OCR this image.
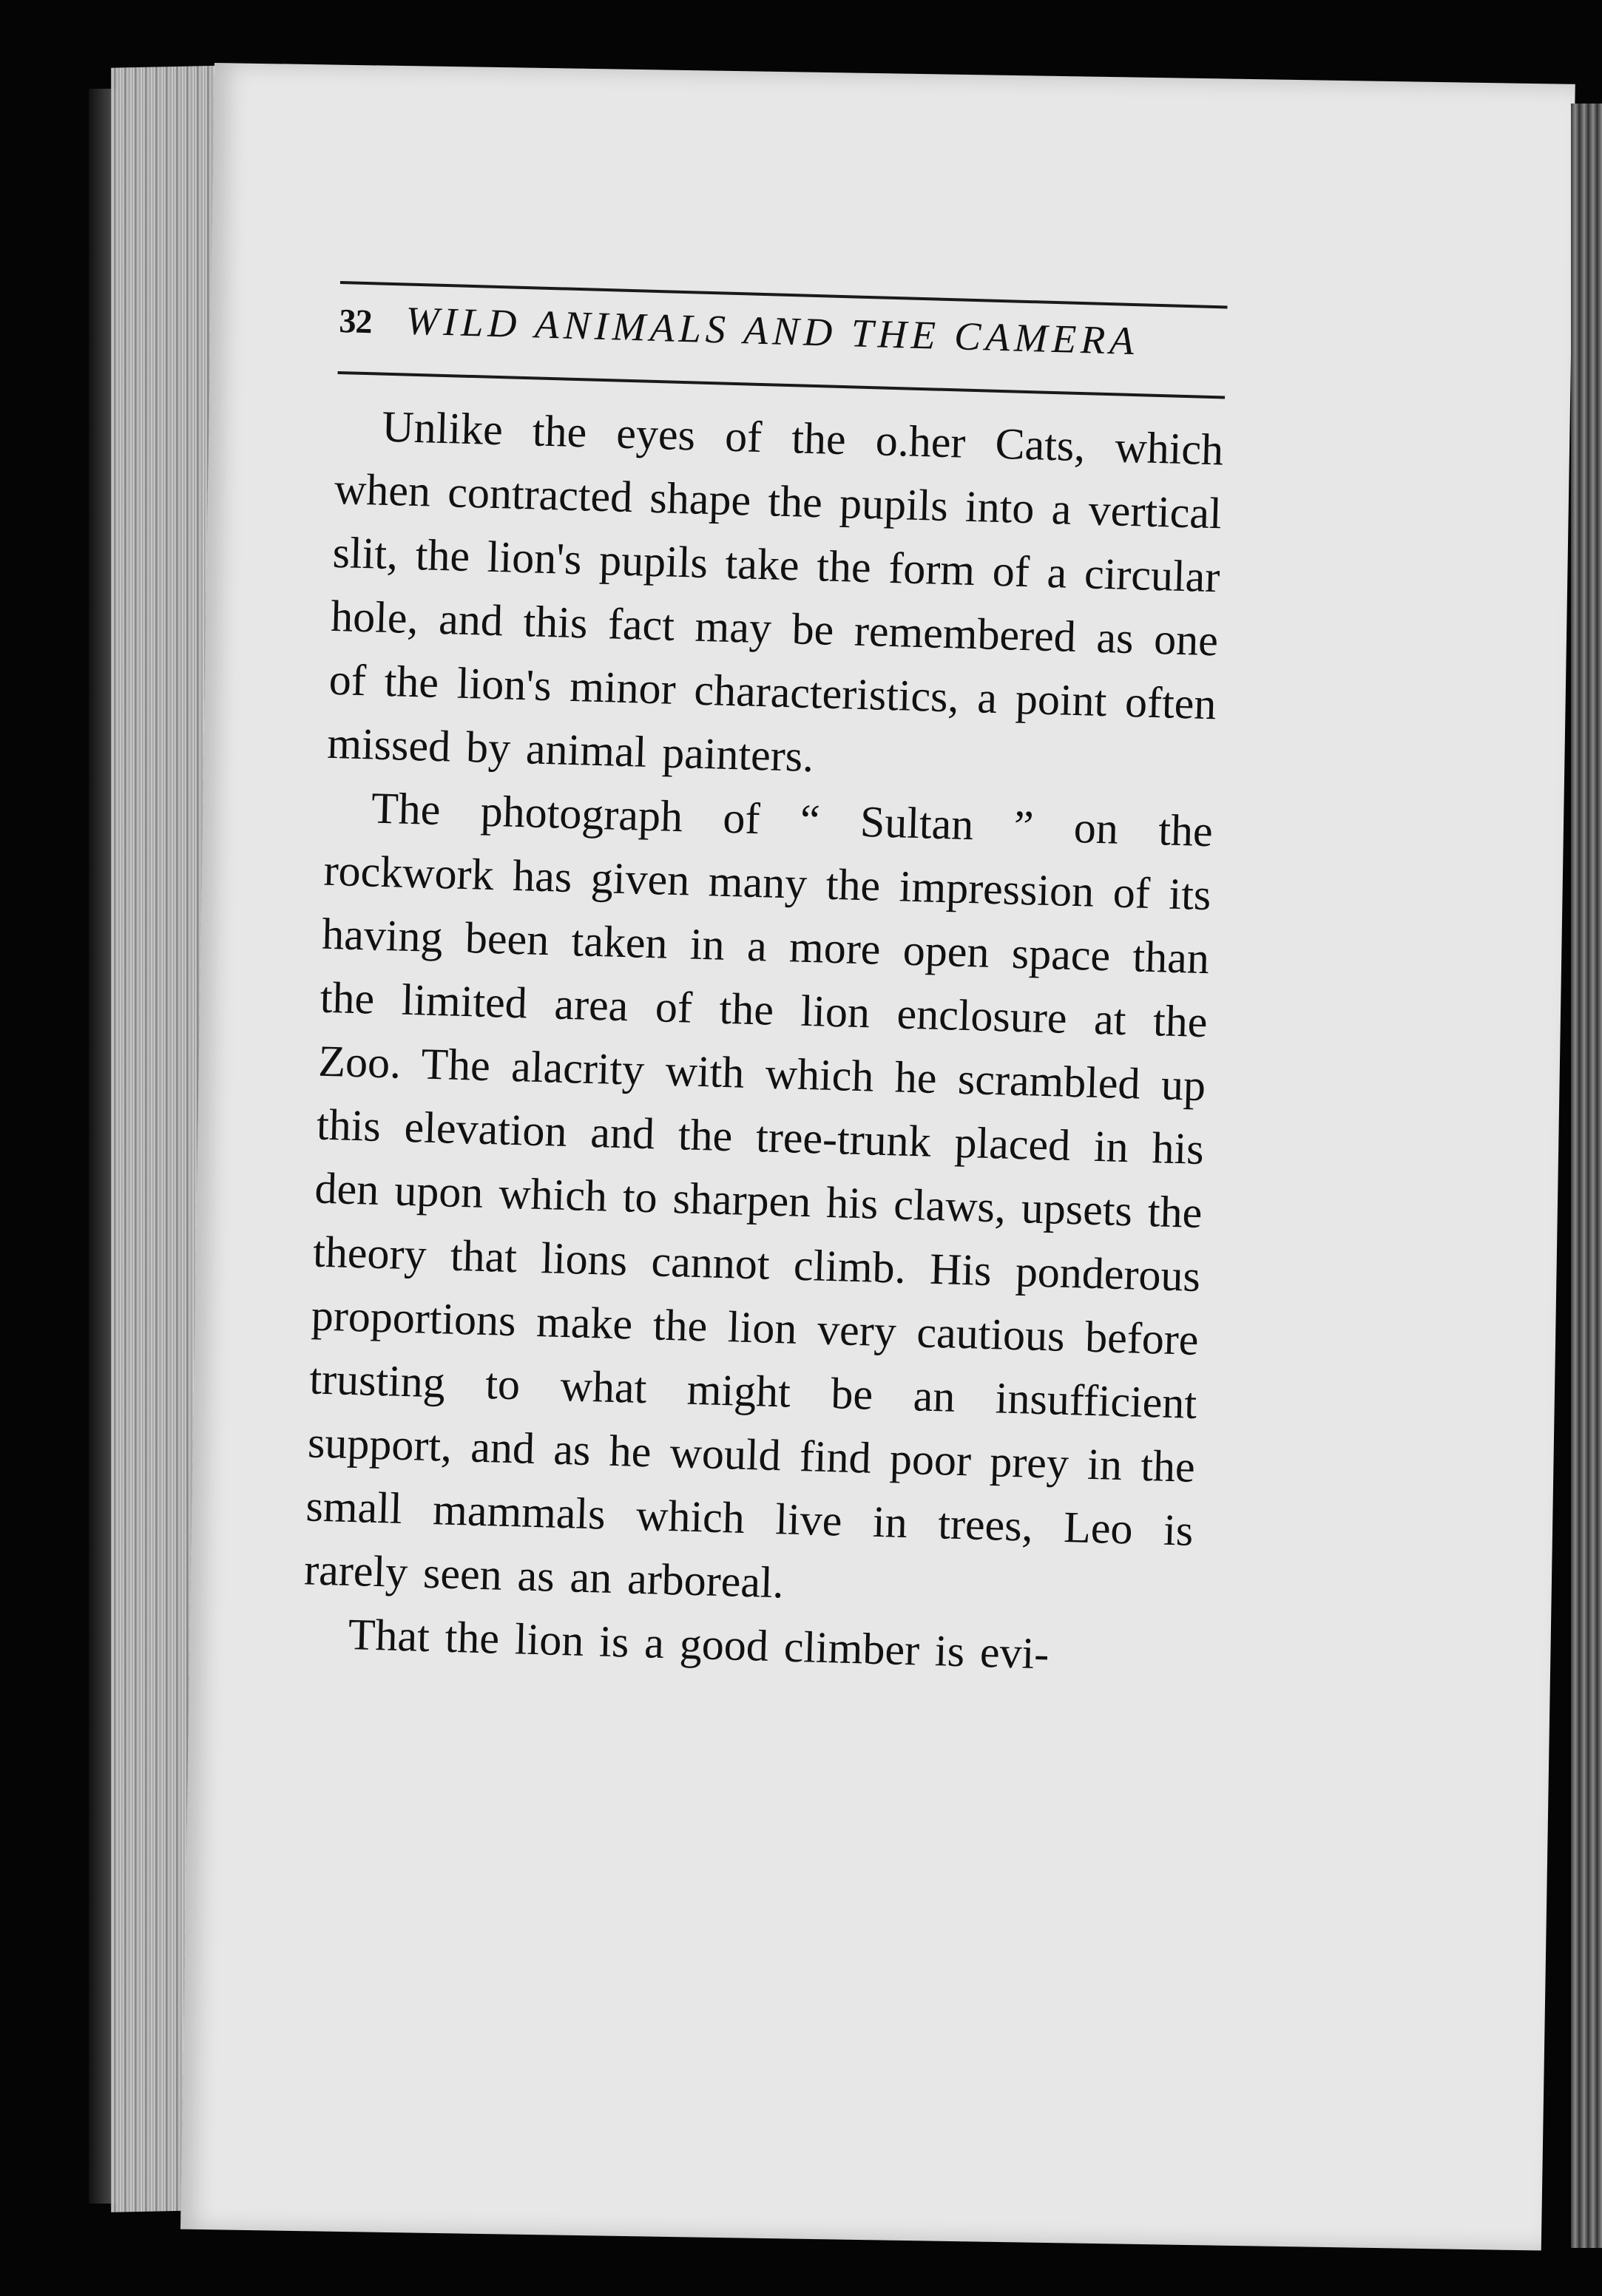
32 WILD ANIMALS AND THE CAMERA

Unlike the eyes of the o.her Cats, which when contracted shape the pupils into a vertical slit, the lion's pupils take the form of a circular hole, and this fact may be remembered as one of the lion's minor characteristics, a point often missed by animal painters.

The photograph of “ Sultan ” on the rockwork has given many the impression of its having been taken in a more open space than the limited area of the lion enclosure at the Zoo. The alacrity with which he scrambled up this elevation and the tree-trunk placed in his den upon which to sharpen his claws, upsets the theory that lions cannot climb. His ponderous proportions make the lion very cautious before trusting to what might be an insufficient support, and as he would find poor prey in the small mammals which live in trees, Leo is rarely seen as an arboreal.

That the lion is a good climber is evi-
